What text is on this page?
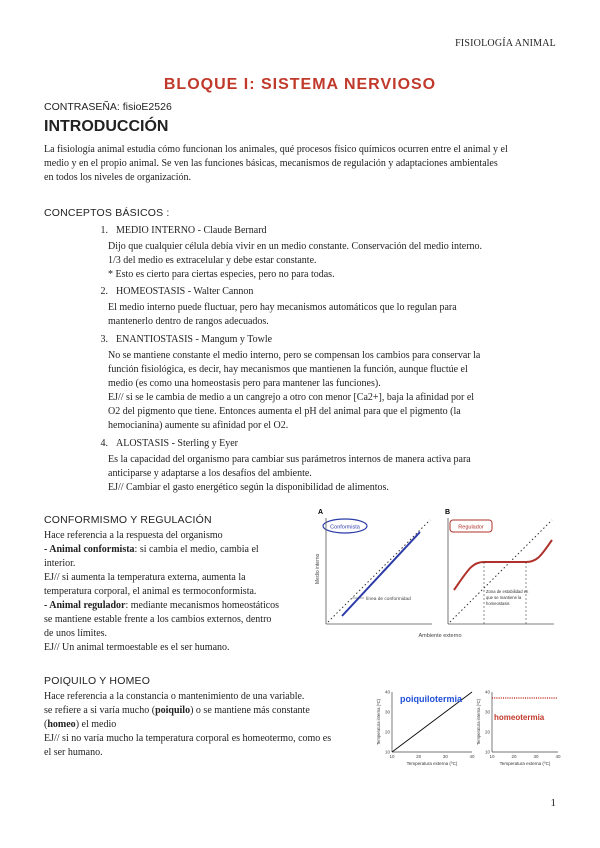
FISIOLOGÍA ANIMAL
BLOQUE I: SISTEMA NERVIOSO
CONTRASEÑA: fisioE2526
INTRODUCCIÓN
La fisiología animal estudia cómo funcionan los animales, qué procesos físico químicos ocurren entre el animal y el
medio y en el propio animal. Se ven las funciones básicas, mecanismos de regulación y adaptaciones ambientales
en todos los niveles de organización.
CONCEPTOS BÁSICOS :
1. MEDIO INTERNO - Claude Bernard
Dijo que cualquier célula debía vivir en un medio constante. Conservación del medio interno.
1/3 del medio es extracelular y debe estar constante.
* Esto es cierto para ciertas especies, pero no para todas.
2. HOMEOSTASIS - Walter Cannon
El medio interno puede fluctuar, pero hay mecanismos automáticos que lo regulan para
mantenerlo dentro de rangos adecuados.
3. ENANTIOSTASIS - Mangum y Towle
No se mantiene constante el medio interno, pero se compensan los cambios para conservar la
función fisiológica, es decir, hay mecanismos que mantienen la función, aunque fluctúe el
medio (es como una homeostasis pero para mantener las funciones).
EJ// si se le cambia de medio a un cangrejo a otro con menor [Ca2+], baja la afinidad por el
O2 del pigmento que tiene. Entonces aumenta el pH del animal para que el pigmento (la
hemocianina) aumente su afinidad por el O2.
4. ALOSTASIS - Sterling y Eyer
Es la capacidad del organismo para cambiar sus parámetros internos de manera activa para
anticiparse y adaptarse a los desafíos del ambiente.
EJ// Cambiar el gasto energético según la disponibilidad de alimentos.
CONFORMISMO Y REGULACIÓN
Hace referencia a la respuesta del organismo
- Animal conformista: si cambia el medio, cambia el
interior.
EJ// si aumenta la temperatura externa, aumenta la
temperatura corporal, el animal es termoconformista.
- Animal regulador: mediante mecanismos homeostáticos
se mantiene estable frente a los cambios externos, dentro
de unos límites.
EJ// Un animal termoestable es el ser humano.
A	B
Conformista
Medio interno
línea de conformidad
Regulador
Zona de estabilidad en
que se mantiene la
homeostasis
Ambiente externo
POIQUILO Y HOMEO
Hace referencia a la constancia o mantenimiento de una variable.
se refiere a si varía mucho (poiquilo) o se mantiene más constante
(homeo) el medio
EJ// si no varía mucho la temperatura corporal es homeotermo, como es
el ser humano.
40
30
20
10
10	20	30	40
Temperatura externa (ºC)
Temperatura interna (ºC)
poiquilotermia
40
30
20
10
10	20	30	40
Temperatura externa (ºC)
Temperatura interna (ºC) homeotermia
1
